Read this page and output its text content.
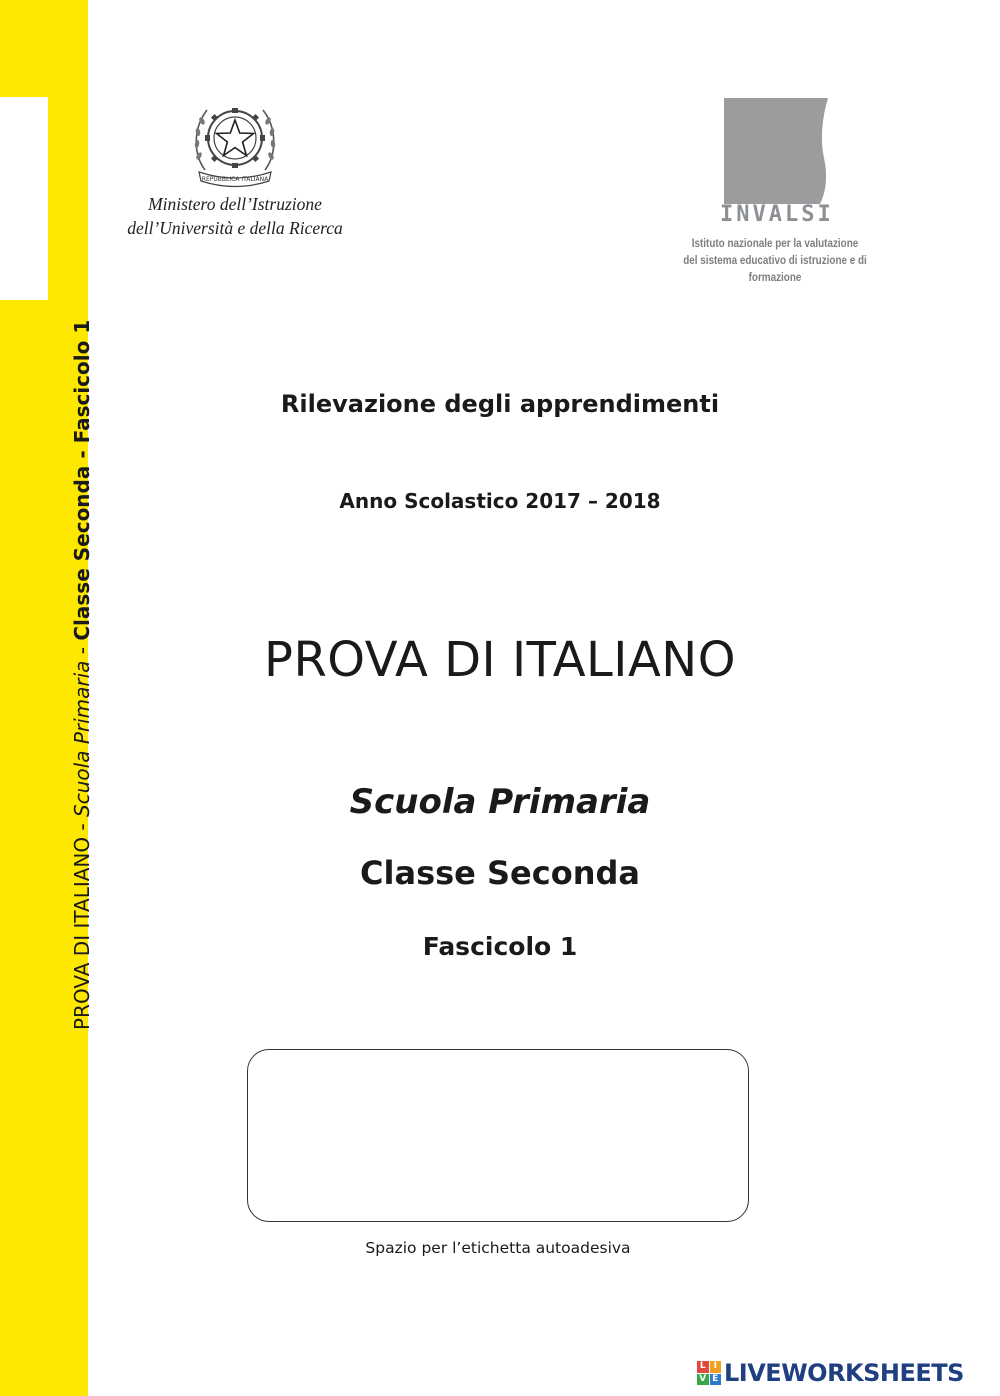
PROVA DI ITALIANO - Scuola Primaria - Classe Seconda - Fascicolo 1
REPUBBLICA ITALIANA
Ministero dell’Istruzione
dell’Università e della Ricerca
INVALSI
Istituto nazionale per la valutazione
del sistema educativo di istruzione e di formazione
Rilevazione degli apprendimenti
Anno Scolastico 2017 – 2018
PROVA DI ITALIANO
Scuola Primaria
Classe Seconda
Fascicolo 1
Spazio per l’etichetta autoadesiva
L I
V E LIVEWORKSHEETS
